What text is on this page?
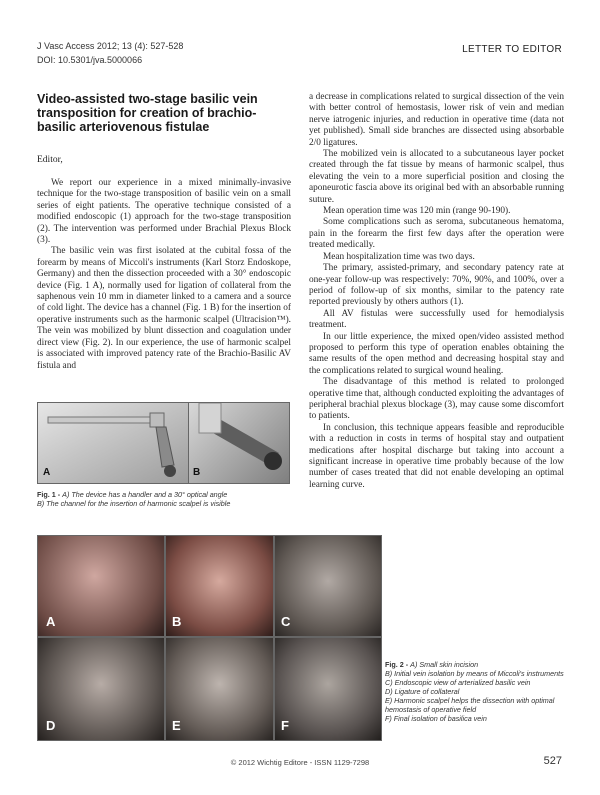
J Vasc Access 2012; 13 (4): 527-528
DOI: 10.5301/jva.5000066
LETTER TO EDITOR
Video-assisted two-stage basilic vein transposition for creation of brachio-basilic arteriovenous fistulae
Editor,

We report our experience in a mixed minimally-invasive technique for the two-stage transposition of basilic vein on a small series of eight patients. The operative technique consisted of a modified endoscopic (1) approach for the two-stage transposition (2). The intervention was performed under Brachial Plexus Block (3).

The basilic vein was first isolated at the cubital fossa of the forearm by means of Miccoli's instruments (Karl Storz Endoskope, Germany) and then the dissection proceeded with a 30° endoscopic device (Fig. 1 A), normally used for ligation of collateral from the saphenous vein 10 mm in diameter linked to a camera and a source of cold light. The device has a channel (Fig. 1 B) for the insertion of operative instruments such as the harmonic scalpel (Ultracision™). The vein was mobilized by blunt dissection and coagulation under direct view (Fig. 2). In our experience, the use of harmonic scalpel is associated with improved patency rate of the Brachio-Basilic AV fistula and

a decrease in complications related to surgical dissection of the vein with better control of hemostasis, lower risk of vein and median nerve iatrogenic injuries, and reduction in operative time (data not yet published). Small side branches are dissected using absorbable 2/0 ligatures.

The mobilized vein is allocated to a subcutaneous layer pocket created through the fat tissue by means of harmonic scalpel, thus elevating the vein to a more superficial position and closing the aponeurotic fascia above its original bed with an absorbable running suture.

Mean operation time was 120 min (range 90-190).

Some complications such as seroma, subcutaneous hematoma, pain in the forearm the first few days after the operation were treated medically.

Mean hospitalization time was two days.

The primary, assisted-primary, and secondary patency rate at one-year follow-up was respectively: 70%, 90%, and 100%, over a period of follow-up of six months, similar to the patency rate reported previously by others authors (1).

All AV fistulas were successfully used for hemodialysis treatment.

In our little experience, the mixed open/video assisted method proposed to perform this type of operation enables obtaining the same results of the open method and decreasing hospital stay and the complications related to surgical wound healing.

The disadvantage of this method is related to prolonged operative time that, although conducted exploiting the advantages of peripheral brachial plexus blockage (3), may cause some discomfort to patients.

In conclusion, this technique appears feasible and reproducible with a reduction in costs in terms of hospital stay and outpatient medications after hospital discharge but taking into account a significant increase in operative time probably because of the low number of cases treated that did not enable developing an optimal learning curve.

A	B
Fig. 1 - A) The device has a handler and a 30° optical angle
B) The channel for the insertion of harmonic scalpel is visible
A	B	C
D	E	F
Fig. 2 - A) Small skin incision
B) Initial vein isolation by means of Miccoli's instruments
C) Endoscopic view of arterialized basilic vein
D) Ligature of collateral
E) Harmonic scalpel helps the dissection with optimal hemostasis of operative field
F) Final isolation of basilica vein
© 2012 Wichtig Editore - ISSN 1129-7298	527
